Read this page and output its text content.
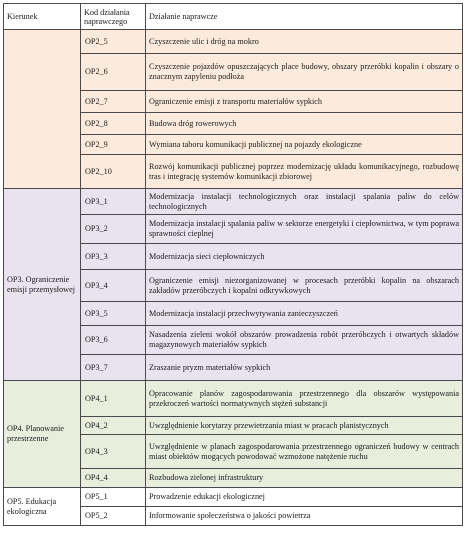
Kierunek	Kod działania naprawczego	Działanie naprawcze
	OP2_5	Czyszczenie ulic i dróg na mokro
	OP2_6	Czyszczenie pojazdów opuszczających place budowy, obszary przeróbki kopalin i obszary o znacznym zapyleniu podłoża
	OP2_7	Ograniczenie emisji z transportu materiałów sypkich
	OP2_8	Budowa dróg rowerowych
	OP2_9	Wymiana taboru komunikacji publicznej na pojazdy ekologiczne
	OP2_10	Rozwój komunikacji publicznej poprzez modernizację układu komunikacyjnego, rozbudowę tras i integrację systemów komunikacji zbiorowej
OP3. Ograniczenie emisji przemysłowej	OP3_1	Modernizacja instalacji technologicznych oraz instalacji spalania paliw do celów technologicznych
	OP3_2	Modernizacja instalacji spalania paliw w sektorze energetyki i ciepłownictwa, w tym poprawa sprawności cieplnej
	OP3_3	Modernizacja sieci ciepłowniczych
	OP3_4	Ograniczenie emisji niezorganizowanej w procesach przeróbki kopalin na obszarach zakładów przeróbczych i kopalni odkrywkowych
	OP3_5	Modernizacja instalacji przechwytywania zanieczyszczeń
	OP3_6	Nasadzenia zieleni wokół obszarów prowadzenia robót przeróbczych i otwartych składów magazynowych materiałów sypkich
	OP3_7	Zraszanie pryzm materiałów sypkich
OP4. Planowanie przestrzenne	OP4_1	Opracowanie planów zagospodarowania przestrzennego dla obszarów występowania przekroczeń wartości normatywnych stężeń substancji
	OP4_2	Uwzględnienie korytarzy przewietrzania miast w pracach planistycznych
	OP4_3	Uwzględnienie w planach zagospodarowania przestrzennego ograniczeń budowy w centrach miast obiektów mogących powodować wzmożone natężenie ruchu
	OP4_4	Rozbudowa zielonej infrastruktury
OP5. Edukacja ekologiczna	OP5_1	Prowadzenie edukacji ekologicznej
	OP5_2	Informowanie społeczeństwa o jakości powietrza
